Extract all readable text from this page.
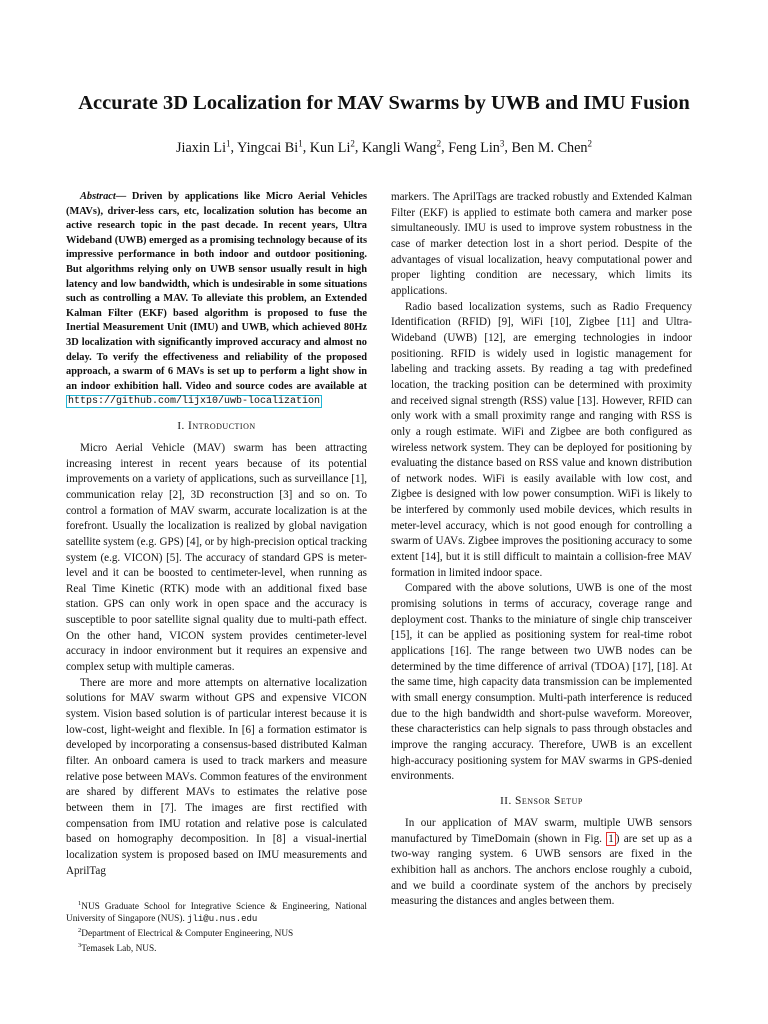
Accurate 3D Localization for MAV Swarms by UWB and IMU Fusion
Jiaxin Li$^1$, Yingcai Bi$^1$, Kun Li$^2$, Kangli Wang$^2$, Feng Lin$^3$, Ben M. Chen$^2$

Abstract— Driven by applications like Micro Aerial Vehicles (MAVs), driver-less cars, etc, localization solution has become an active research topic in the past decade. In recent years, Ultra Wideband (UWB) emerged as a promising technology because of its impressive performance in both indoor and outdoor positioning. But algorithms relying only on UWB sensor usually result in high latency and low bandwidth, which is undesirable in some situations such as controlling a MAV. To alleviate this problem, an Extended Kalman Filter (EKF) based algorithm is proposed to fuse the Inertial Measurement Unit (IMU) and UWB, which achieved 80Hz 3D localization with significantly improved accuracy and almost no delay. To verify the effectiveness and reliability of the proposed approach, a swarm of 6 MAVs is set up to perform a light show in an indoor exhibition hall. Video and source codes are available at https://github.com/lijx10/uwb-localization

I. Introduction

Micro Aerial Vehicle (MAV) swarm has been attracting increasing interest in recent years because of its potential improvements on a variety of applications, such as surveillance [1], communication relay [2], 3D reconstruction [3] and so on. To control a formation of MAV swarm, accurate localization is at the forefront. Usually the localization is realized by global navigation satellite system (e.g. GPS) [4], or by high-precision optical tracking system (e.g. VICON) [5]. The accuracy of standard GPS is meter-level and it can be boosted to centimeter-level, when running as Real Time Kinetic (RTK) mode with an additional fixed base station. GPS can only work in open space and the accuracy is susceptible to poor satellite signal quality due to multi-path effect. On the other hand, VICON system provides centimeter-level accuracy in indoor environment but it requires an expensive and complex setup with multiple cameras.

There are more and more attempts on alternative localization solutions for MAV swarm without GPS and expensive VICON system. Vision based solution is of particular interest because it is low-cost, light-weight and flexible. In [6] a formation estimator is developed by incorporating a consensus-based distributed Kalman filter. An onboard camera is used to track markers and measure relative pose between MAVs. Common features of the environment are shared by different MAVs to estimates the relative pose between them in [7]. The images are first rectified with compensation from IMU rotation and relative pose is calculated based on homography decomposition. In [8] a visual-inertial localization system is proposed based on IMU measurements and AprilTag

markers. The AprilTags are tracked robustly and Extended Kalman Filter (EKF) is applied to estimate both camera and marker pose simultaneously. IMU is used to improve system robustness in the case of marker detection lost in a short period. Despite of the advantages of visual localization, heavy computational power and proper lighting condition are necessary, which limits its applications.

Radio based localization systems, such as Radio Frequency Identification (RFID) [9], WiFi [10], Zigbee [11] and Ultra-Wideband (UWB) [12], are emerging technologies in indoor positioning. RFID is widely used in logistic management for labeling and tracking assets. By reading a tag with predefined location, the tracking position can be determined with proximity and received signal strength (RSS) value [13]. However, RFID can only work with a small proximity range and ranging with RSS is only a rough estimate. WiFi and Zigbee are both configured as wireless network system. They can be deployed for positioning by evaluating the distance based on RSS value and known distribution of network nodes. WiFi is easily available with low cost, and Zigbee is designed with low power consumption. WiFi is likely to be interfered by commonly used mobile devices, which results in meter-level accuracy, which is not good enough for controlling a swarm of UAVs. Zigbee improves the positioning accuracy to some extent [14], but it is still difficult to maintain a collision-free MAV formation in limited indoor space.

Compared with the above solutions, UWB is one of the most promising solutions in terms of accuracy, coverage range and deployment cost. Thanks to the miniature of single chip transceiver [15], it can be applied as positioning system for real-time robot applications [16]. The range between two UWB nodes can be determined by the time difference of arrival (TDOA) [17], [18]. At the same time, high capacity data transmission can be implemented with small energy consumption. Multi-path interference is reduced due to the high bandwidth and short-pulse waveform. Moreover, these characteristics can help signals to pass through obstacles and improve the ranging accuracy. Therefore, UWB is an excellent high-accuracy positioning system for MAV swarms in GPS-denied environments.

II. Sensor Setup

In our application of MAV swarm, multiple UWB sensors manufactured by TimeDomain (shown in Fig. 1 ) are set up as a two-way ranging system. 6 UWB sensors are fixed in the exhibition hall as anchors. The anchors enclose roughly a cuboid, and we build a coordinate system of the anchors by precisely measuring the distances and angles between them.

$^1$NUS Graduate School for Integrative Science & Engineering, National University of Singapore (NUS). jli@u.nus.edu

$^2$Department of Electrical & Computer Engineering, NUS

$^3$Temasek Lab, NUS.
